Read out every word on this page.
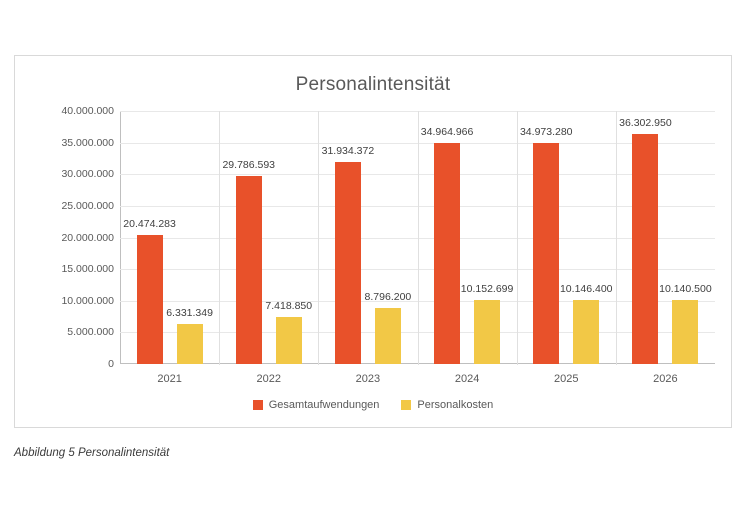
Personalintensität
0
5.000.000
10.000.000
15.000.000
20.000.000
25.000.000
30.000.000
35.000.000
40.000.000
20.474.283
6.331.349
29.786.593
7.418.850
31.934.372
8.796.200
34.964.966
10.152.699
34.973.280
10.146.400
36.302.950
10.140.500
2021	2022	2023	2024	2025	2026
Gesamtaufwendungen	Personalkosten
Abbildung 5 Personalintensität
